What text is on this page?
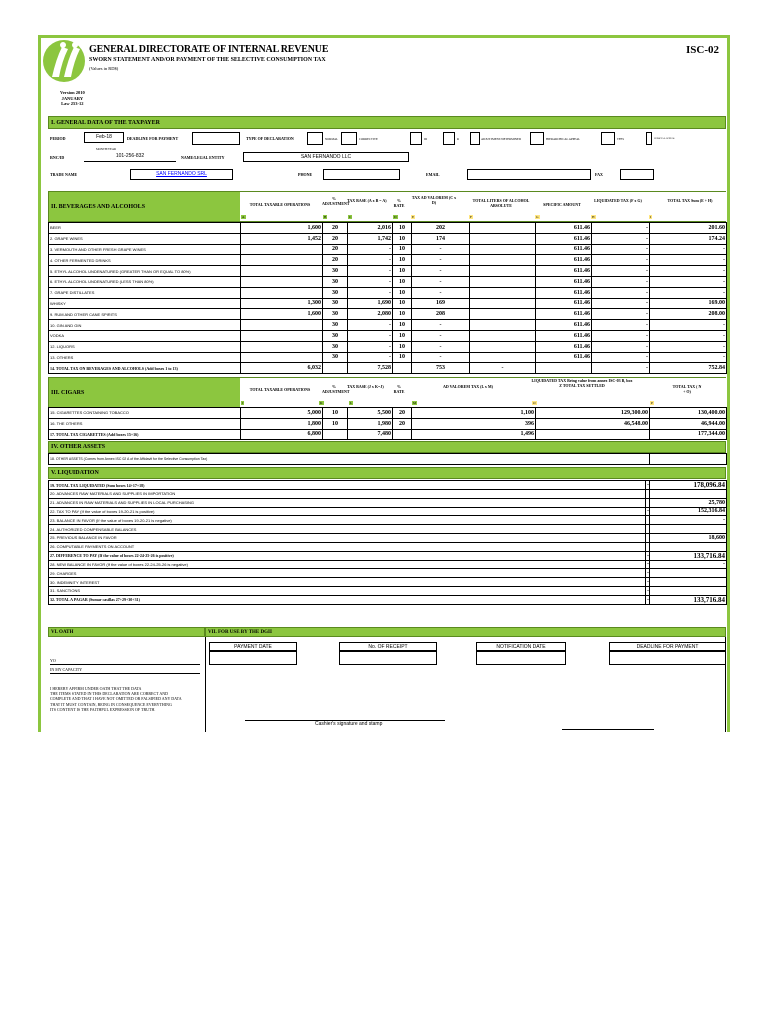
GENERAL DIRECTORATE OF INTERNAL REVENUE
SWORN STATEMENT AND/OR PAYMENT OF THE SELECTIVE CONSUMPTION TAX
(Values in RD$)
ISC-02
Version 2010
JANUARY
Law 253-12
I. GENERAL DATA OF THE TAXPAYER
PERIOD	Feb-18
MONTH/YEAR
DEADLINE FOR PAYMENT	TYPE OF DECLARATION	NORMAL	CORRECTIVE	ID	R	ADJUSTMENT/DETERMINED	HIERARCHICAL APPEAL	TFES	JUDICIAL APPEAL
RNC/ID	101-256-832	NAME/LEGAL ENTITY	SAN FERNANDO LLC
TRADE NAME	SAN FERNANDO SRL	PHONE	EMAIL	FAX
II. BEVERAGES AND ALCOHOLS	TOTAL TAXABLE OPERATIONS
% ADJUSTMENT
TAX BASE (A x B = A)	% RATE
TAX AD VALOREM (C x D)	TOTAL LITERS OF ALCOHOL ABSOLUTE	SPECIFIC AMOUNT
LIQUIDATED TAX (F x G)	TOTAL TAX Sum (E + H)
A	B	C	D	E	F	G	H	I
BEER	1,600	20	2,016	10	202		611.46	-	201.60
2. GRAPE WINES	1,452	20	1,742	10	174		611.46	-	174.24
3. VERMOUTH AND OTHER FRESH GRAPE WINES		20	-	10	-		611.46	-	-
4. OTHER FERMENTED DRINKS		20	-	10	-		611.46	-	-
5. ETHYL ALCOHOL UNDENATURED (GREATER THAN OR EQUAL TO 80%)		30	-	10	-		611.46	-	-
6. ETHYL ALCOHOL UNDENATURED (LESS THAN 80%)		30	-	10	-		611.46	-	-
7. GRAPE DISTILLATES		30	-	10	-		611.46	-	-
WHISKY	1,300	30	1,690	10	169		611.46	-	169.00
9. RUM AND OTHER CANE SPIRITS	1,600	30	2,080	10	208		611.46	-	208.00
10. GIN AND GIN		30	-	10	-		611.46	-	-
VODKA		30	-	10	-		611.46	-	-
12. LIQUORS		30	-	10	-		611.46	-	-
13. OTHERS		30	-	10	-		611.46	-	-
14. TOTAL TAX ON BEVERAGES AND ALCOHOLS (Add boxes 1 to 13)	6,032		7,528		753	-		-	752.84
III. CIGARS
TOTAL TAXABLE OPERATIONS
% ADJUSTMENT
TAX BASE (J x K=J)	% RATE
AD VALOREM TAX (L x M)
LIQUIDATED TAX Bring value from annex ISC-03 B, box Z TOTAL TAX SETTLED	TOTAL TAX ( N + O)
J	K	L	M	O	P
15. CIGARETTES CONTAINING TOBACCO	5,000	10	5,500	20	1,100	129,300.00	130,400.00
16. THE OTHERS	1,800	10	1,980	20	396	46,548.00	46,944.00
17. TOTAL TAX CIGARETTES (Add boxes 15+16)	6,800		7,480		1,496		177,344.00
IV. OTHER ASSETS
18. OTHER ASSETS (Comes from Annex ISC 02 A of the Affidavit for the Selective Consumption Tax)	
V. LIQUIDATION
19. TOTAL TAX LIQUIDATED (Sum boxes 14+17+18)	-	178,096.84
20. ADVANCES RAW MATERIALS AND SUPPLIES IN IMPORTATION		
21. ADVANCES IN RAW MATERIALS AND SUPPLIES IN LOCAL PURCHASING		25,780
22. TAX TO PAY (If the value of boxes 19-20-21 is positive)	-	152,316.84
23. BALANCE IN FAVOR (If the value of boxes 19-20-21 is negative)		-
24. AUTHORIZED COMPENSABLE BALANCES		
25. PREVIOUS BALANCE IN FAVOR		18,600
26. COMPUTABLE PAYMENTS ON ACCOUNT		
27. DIFFERENCE TO PAY (If the value of boxes 22-24-25-26 is positive)	-	133,716.84
28. NEW BALANCE IN FAVOR (If the value of boxes 22-24-25-26 is negative)	-	-
29. CHARGES	-	
30. INDEMNITY INTEREST	-	
31. SANCTIONS	-	
32. TOTAL A PAGAR (Sumar casillas 27+29+30+31)	-	133,716.84
VI. OATH	VII. FOR USE BY THE DGII
PAYMENT DATE	No. OF RECEIPT	NOTIFICATION DATE	DEADLINE FOR PAYMENT
YO
IN MY CAPACITY
I HEREBY AFFIRM UNDER OATH THAT THE DATA
THE ITEMS STATED IN THIS DECLARATION ARE CORRECT AND
COMPLETE AND THAT I HAVE NOT OMITTED OR FALSIFIED ANY DATA
THAT IT MUST CONTAIN, BEING IN CONSEQUENCE EVERYTHING
ITS CONTENT IS THE FAITHFUL EXPRESSION OF TRUTH.
Cashier's signature and stamp
